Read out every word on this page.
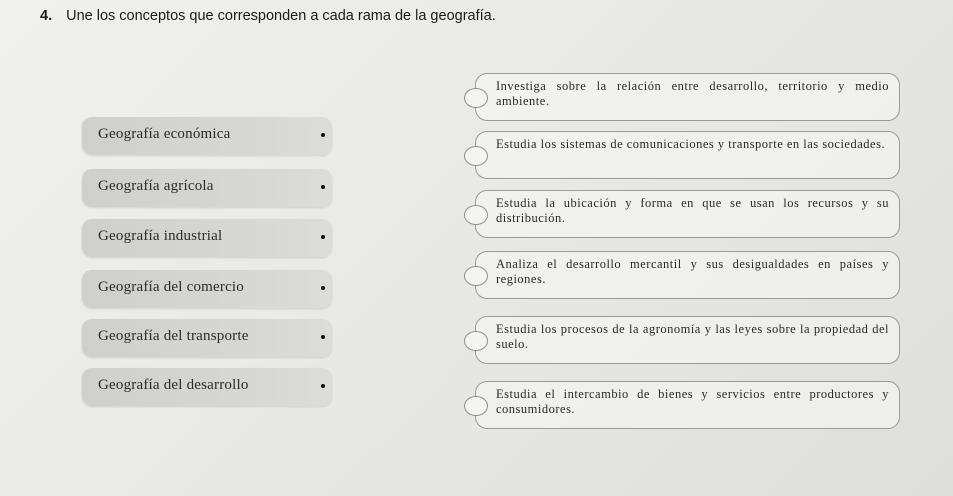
4. Une los conceptos que corresponden a cada rama de la geografía.
Geografía económica
Geografía agrícola
Geografía industrial
Geografía del comercio
Geografía del transporte
Geografía del desarrollo
Investiga sobre la relación entre desarrollo, territorio y medio ambiente.
Estudia los sistemas de comunicaciones y transporte en las sociedades.
Estudia la ubicación y forma en que se usan los recursos y su distribución.
Analiza el desarrollo mercantil y sus desigualdades en países y regiones.
Estudia los procesos de la agronomía y las leyes sobre la propiedad del suelo.
Estudia el intercambio de bienes y servicios entre productores y consumidores.
